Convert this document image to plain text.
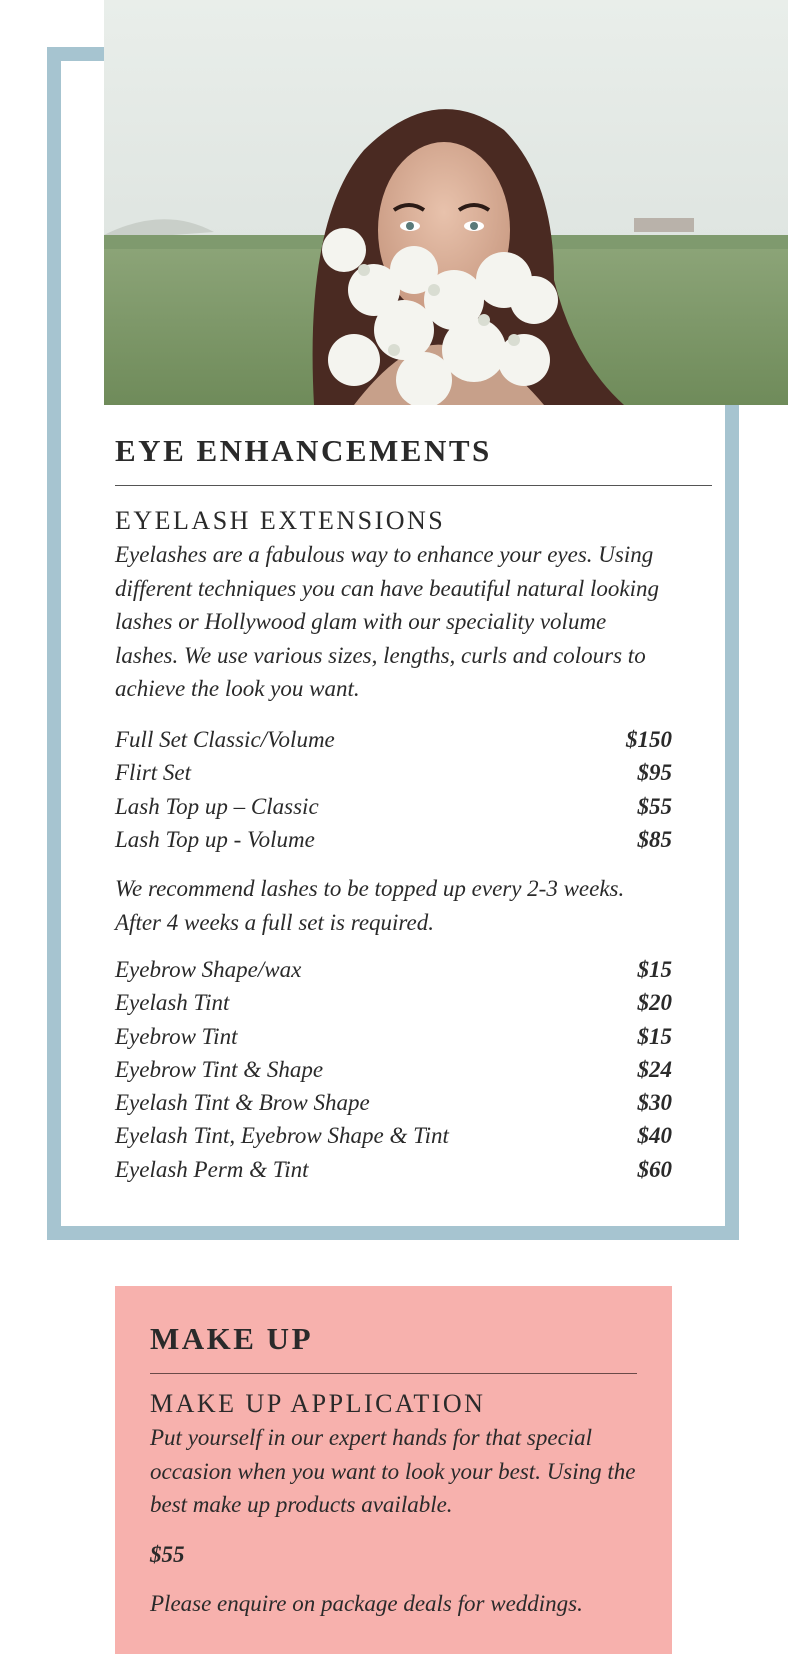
EYE ENHANCEMENTS
EYELASH EXTENSIONS

Eyelashes are a fabulous way to enhance your eyes. Using different techniques you can have beautiful natural looking lashes or Hollywood glam with our speciality volume lashes. We use various sizes, lengths, curls and colours to achieve the look you want.

Full Set Classic/Volume	$150
Flirt Set	$95
Lash Top up – Classic	$55
Lash Top up - Volume	$85

We recommend lashes to be topped up every 2-3 weeks. After 4 weeks a full set is required.

Eyebrow Shape/wax	$15
Eyelash Tint	$20
Eyebrow Tint	$15
Eyebrow Tint & Shape	$24
Eyelash Tint & Brow Shape	$30
Eyelash Tint, Eyebrow Shape & Tint	$40
Eyelash Perm & Tint	$60
MAKE UP
MAKE UP APPLICATION

Put yourself in our expert hands for that special occasion when you want to look your best. Using the best make up products available.

$55

Please enquire on package deals for weddings.
